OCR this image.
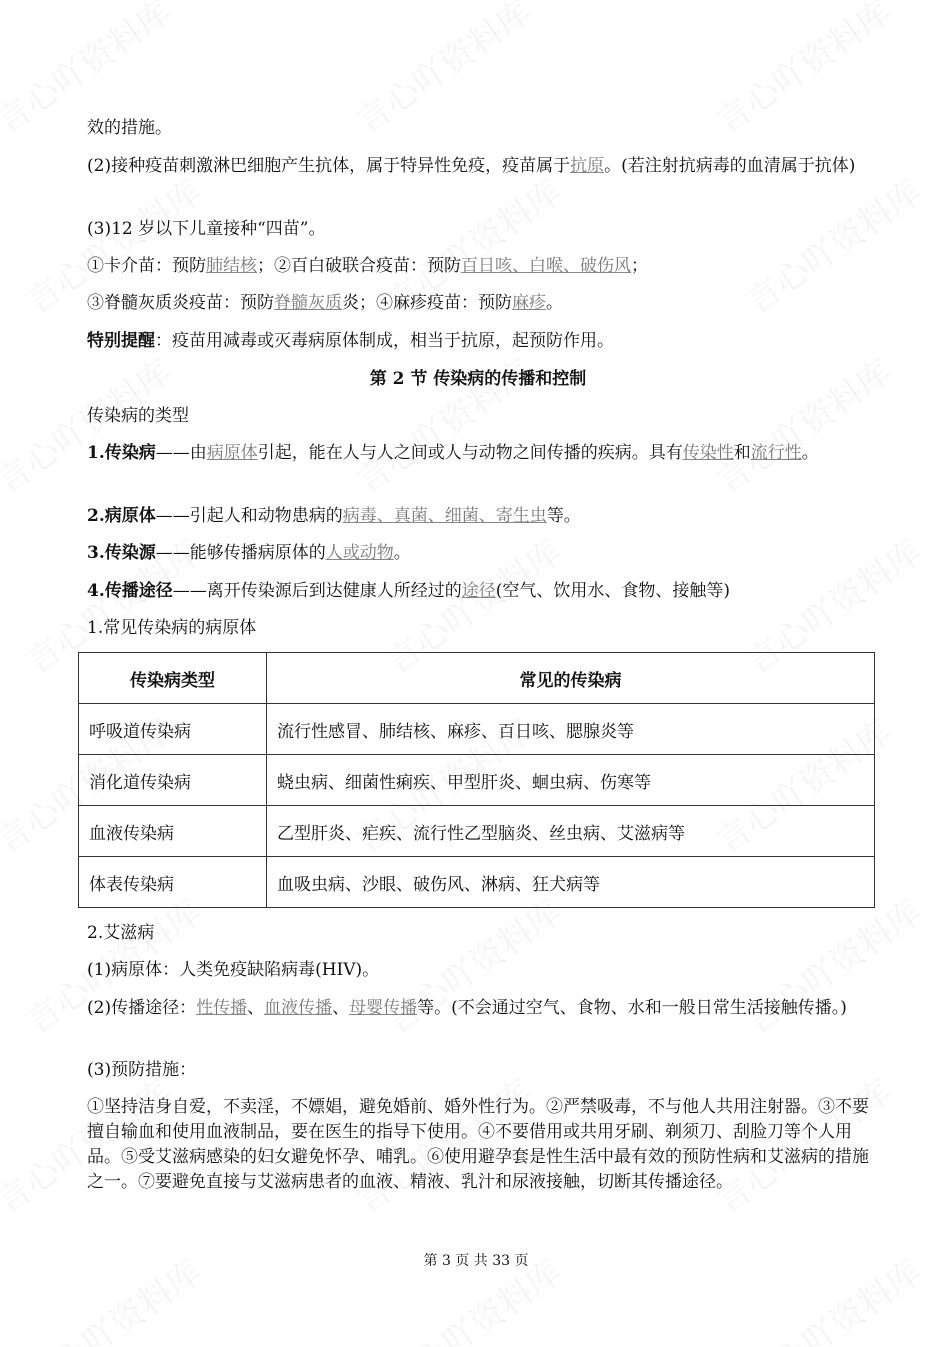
效的措施。
(2)接种疫苗刺激淋巴细胞产生抗体，属于特异性免疫，疫苗属于抗原。(若注射抗病毒的血清属于抗体)
(3)12 岁以下儿童接种“四苗”。
①卡介苗：预防肺结核；②百白破联合疫苗：预防百日咳、白喉、破伤风；
③脊髓灰质炎疫苗：预防脊髓灰质炎；④麻疹疫苗：预防麻疹。
特别提醒：疫苗用减毒或灭毒病原体制成，相当于抗原，起预防作用。
第 2 节 传染病的传播和控制
传染病的类型
1.传染病——由病原体引起，能在人与人之间或人与动物之间传播的疾病。具有传染性和流行性。
2.病原体——引起人和动物患病的病毒、真菌、细菌、寄生虫等。
3.传染源——能够传播病原体的人或动物。
4.传播途径——离开传染源后到达健康人所经过的途径(空气、饮用水、食物、接触等)
1.常见传染病的病原体
2.艾滋病
(1)病原体：人类免疫缺陷病毒(HIV)。
(2)传播途径：性传播、血液传播、母婴传播等。(不会通过空气、食物、水和一般日常生活接触传播。)
(3)预防措施：
①坚持洁身自爱，不卖淫，不嫖娼，避免婚前、婚外性行为。②严禁吸毒，不与他人共用注射器。③不要擅自输血和使用血液制品，要在医生的指导下使用。④不要借用或共用牙刷、剃须刀、刮脸刀等个人用品。⑤受艾滋病感染的妇女避免怀孕、哺乳。⑥使用避孕套是性生活中最有效的预防性病和艾滋病的措施之一。⑦要避免直接与艾滋病患者的血液、精液、乳汁和尿液接触，切断其传播途径。
传染病类型	常见的传染病
呼吸道传染病	流行性感冒、肺结核、麻疹、百日咳、腮腺炎等
消化道传染病	蛲虫病、细菌性痢疾、甲型肝炎、蛔虫病、伤寒等
血液传染病	乙型肝炎、疟疾、流行性乙型脑炎、丝虫病、艾滋病等
体表传染病	血吸虫病、沙眼、破伤风、淋病、狂犬病等
第 3 页 共 33 页
